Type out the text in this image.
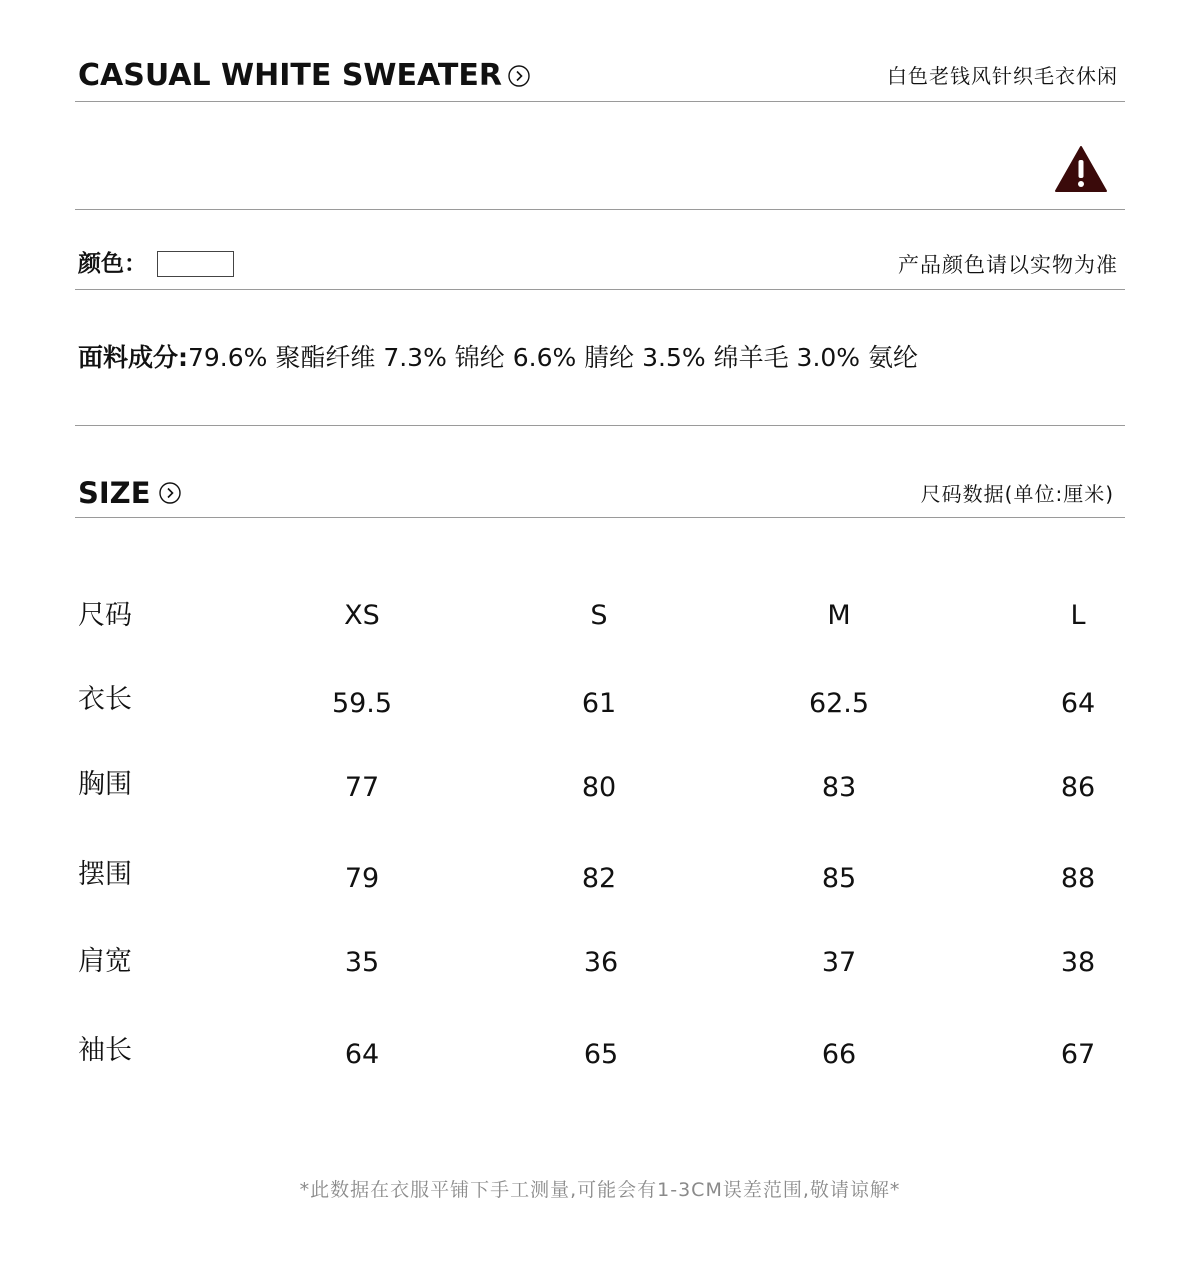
CASUAL WHITE SWEATER	白色老钱风针织毛衣休闲
颜色：	产品颜色请以实物为准
面料成分:79.6% 聚酯纤维 7.3% 锦纶 6.6% 腈纶 3.5% 绵羊毛 3.0% 氨纶
SIZE	尺码数据(单位:厘米)
尺码	XS	S	M	L
衣长	59.5	61	62.5	64
胸围	77	80	83	86
摆围	79	82	85	88
肩宽	35	36	37	38
袖长	64	65	66	67
*此数据在衣服平铺下手工测量,可能会有1-3CM误差范围,敬请谅解*
